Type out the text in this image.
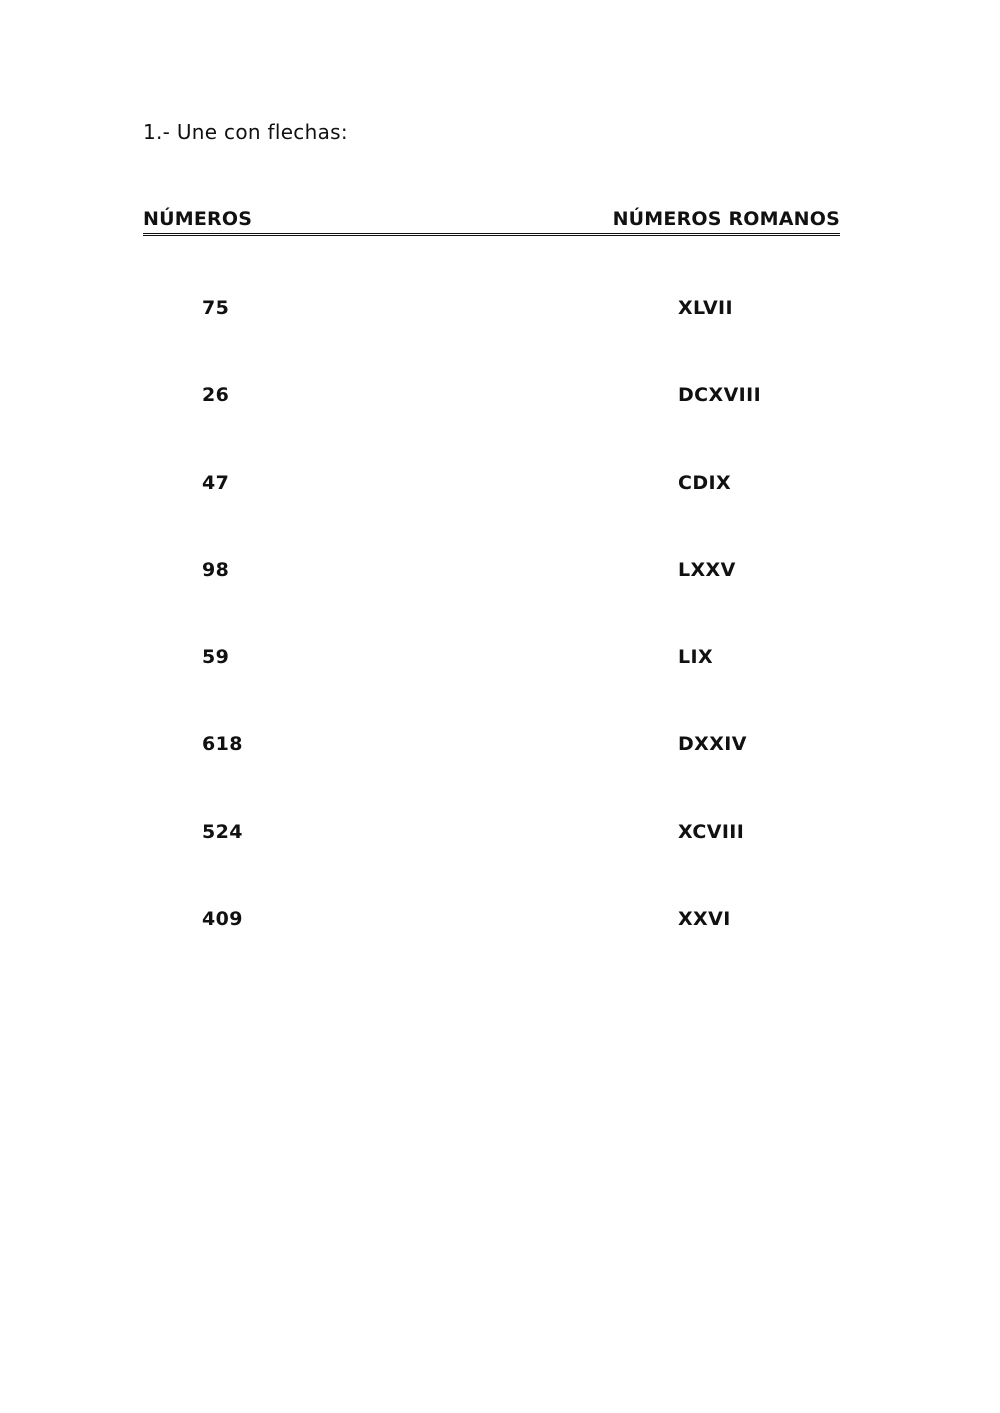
1.- Une con flechas:
NÚMEROS	NÚMEROS ROMANOS
75	XLVII
26	DCXVIII
47	CDIX
98	LXXV
59	LIX
618	DXXIV
524	XCVIII
409	XXVI
